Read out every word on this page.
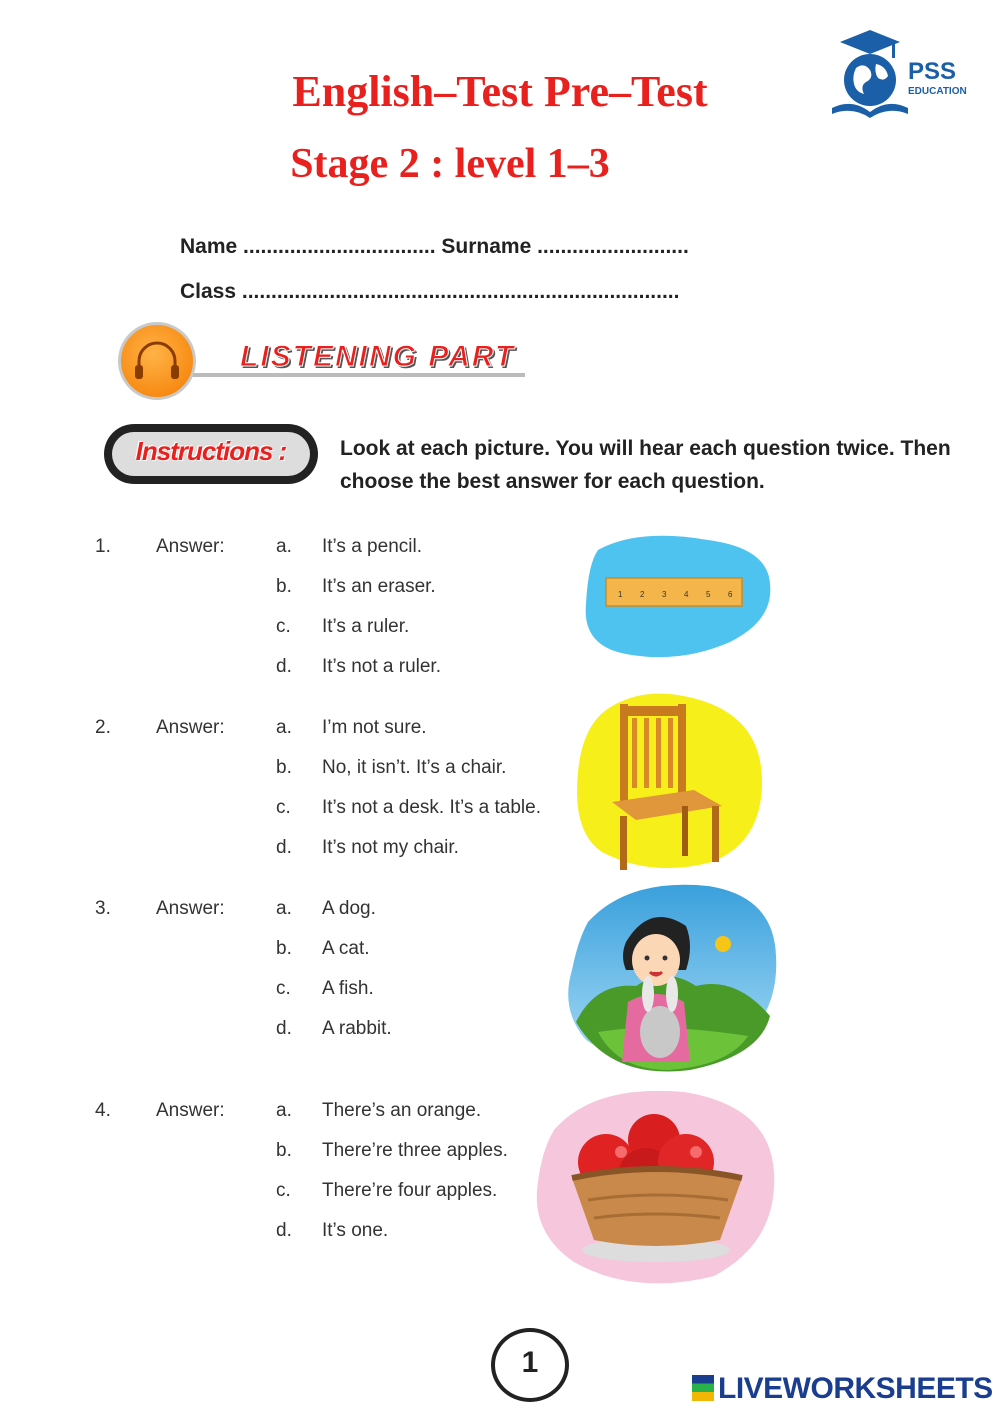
English–Test Pre–Test
Stage 2 : level 1–3
PSS
EDUCATION
Name ................................. Surname ..........................
Class ...........................................................................
LISTENING PART
Instructions :	Look at each picture. You will hear each question twice. Then choose the best answer for each question.
1. Answer:	a. It’s a pencil.
b. It’s an eraser.
c. It’s a ruler.
d. It’s not a ruler.
1 2 3 4 5 6
2. Answer:	a. I’m not sure.
b. No, it isn’t. It’s a chair.
c. It’s not a desk. It’s a table.
d. It’s not my chair.
3. Answer:	a. A dog.
b. A cat.
c. A fish.
d. A rabbit.
4. Answer:	a. There’s an orange.
b. There’re three apples.
c. There’re four apples.
d. It’s one.
1
LIVEWORKSHEETS
